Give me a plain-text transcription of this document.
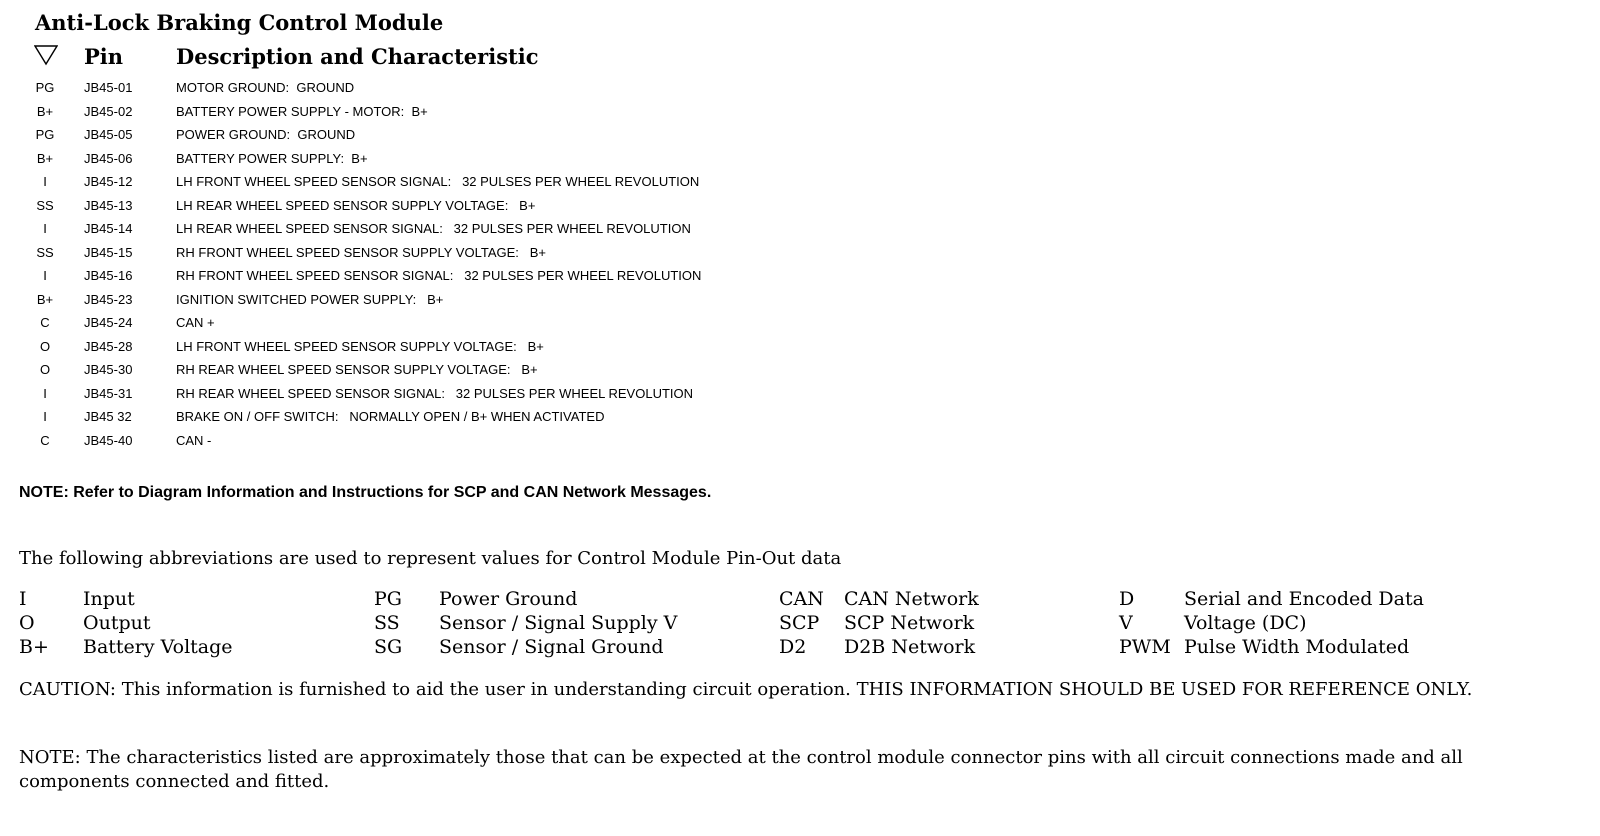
Anti-Lock Braking Control Module
Pin	Description and Characteristic
PG JB45-01	MOTOR GROUND:  GROUND
B+ JB45-02	BATTERY POWER SUPPLY - MOTOR:  B+
PG JB45-05	POWER GROUND:  GROUND
B+ JB45-06	BATTERY POWER SUPPLY:  B+
I	JB45-12	LH FRONT WHEEL SPEED SENSOR SIGNAL:   32 PULSES PER WHEEL REVOLUTION
SS JB45-13	LH REAR WHEEL SPEED SENSOR SUPPLY VOLTAGE:   B+
I	JB45-14	LH REAR WHEEL SPEED SENSOR SIGNAL:   32 PULSES PER WHEEL REVOLUTION
SS JB45-15	RH FRONT WHEEL SPEED SENSOR SUPPLY VOLTAGE:   B+
I	JB45-16	RH FRONT WHEEL SPEED SENSOR SIGNAL:   32 PULSES PER WHEEL REVOLUTION
B+ JB45-23	IGNITION SWITCHED POWER SUPPLY:   B+
C	JB45-24	CAN +
O	JB45-28	LH FRONT WHEEL SPEED SENSOR SUPPLY VOLTAGE:   B+
O	JB45-30	RH REAR WHEEL SPEED SENSOR SUPPLY VOLTAGE:   B+
I	JB45-31	RH REAR WHEEL SPEED SENSOR SIGNAL:   32 PULSES PER WHEEL REVOLUTION
I	JB45 32	BRAKE ON / OFF SWITCH:   NORMALLY OPEN / B+ WHEN ACTIVATED
C	JB45-40	CAN -
NOTE: Refer to Diagram Information and Instructions for SCP and CAN Network Messages.
The following abbreviations are used to represent values for Control Module Pin-Out data
I	Input
O	Output
B+ Battery Voltage
PG Power Ground
SS Sensor / Signal Supply V
SG Sensor / Signal Ground
CAN CAN Network
SCP SCP Network
D2 D2B Network
D	Serial and Encoded Data
V	Voltage (DC)
PWM Pulse Width Modulated
CAUTION: This information is furnished to aid the user in understanding circuit operation. THIS INFORMATION SHOULD BE USED FOR REFERENCE ONLY.
NOTE: The characteristics listed are approximately those that can be expected at the control module connector pins with all circuit connections made and all components connected and fitted.
